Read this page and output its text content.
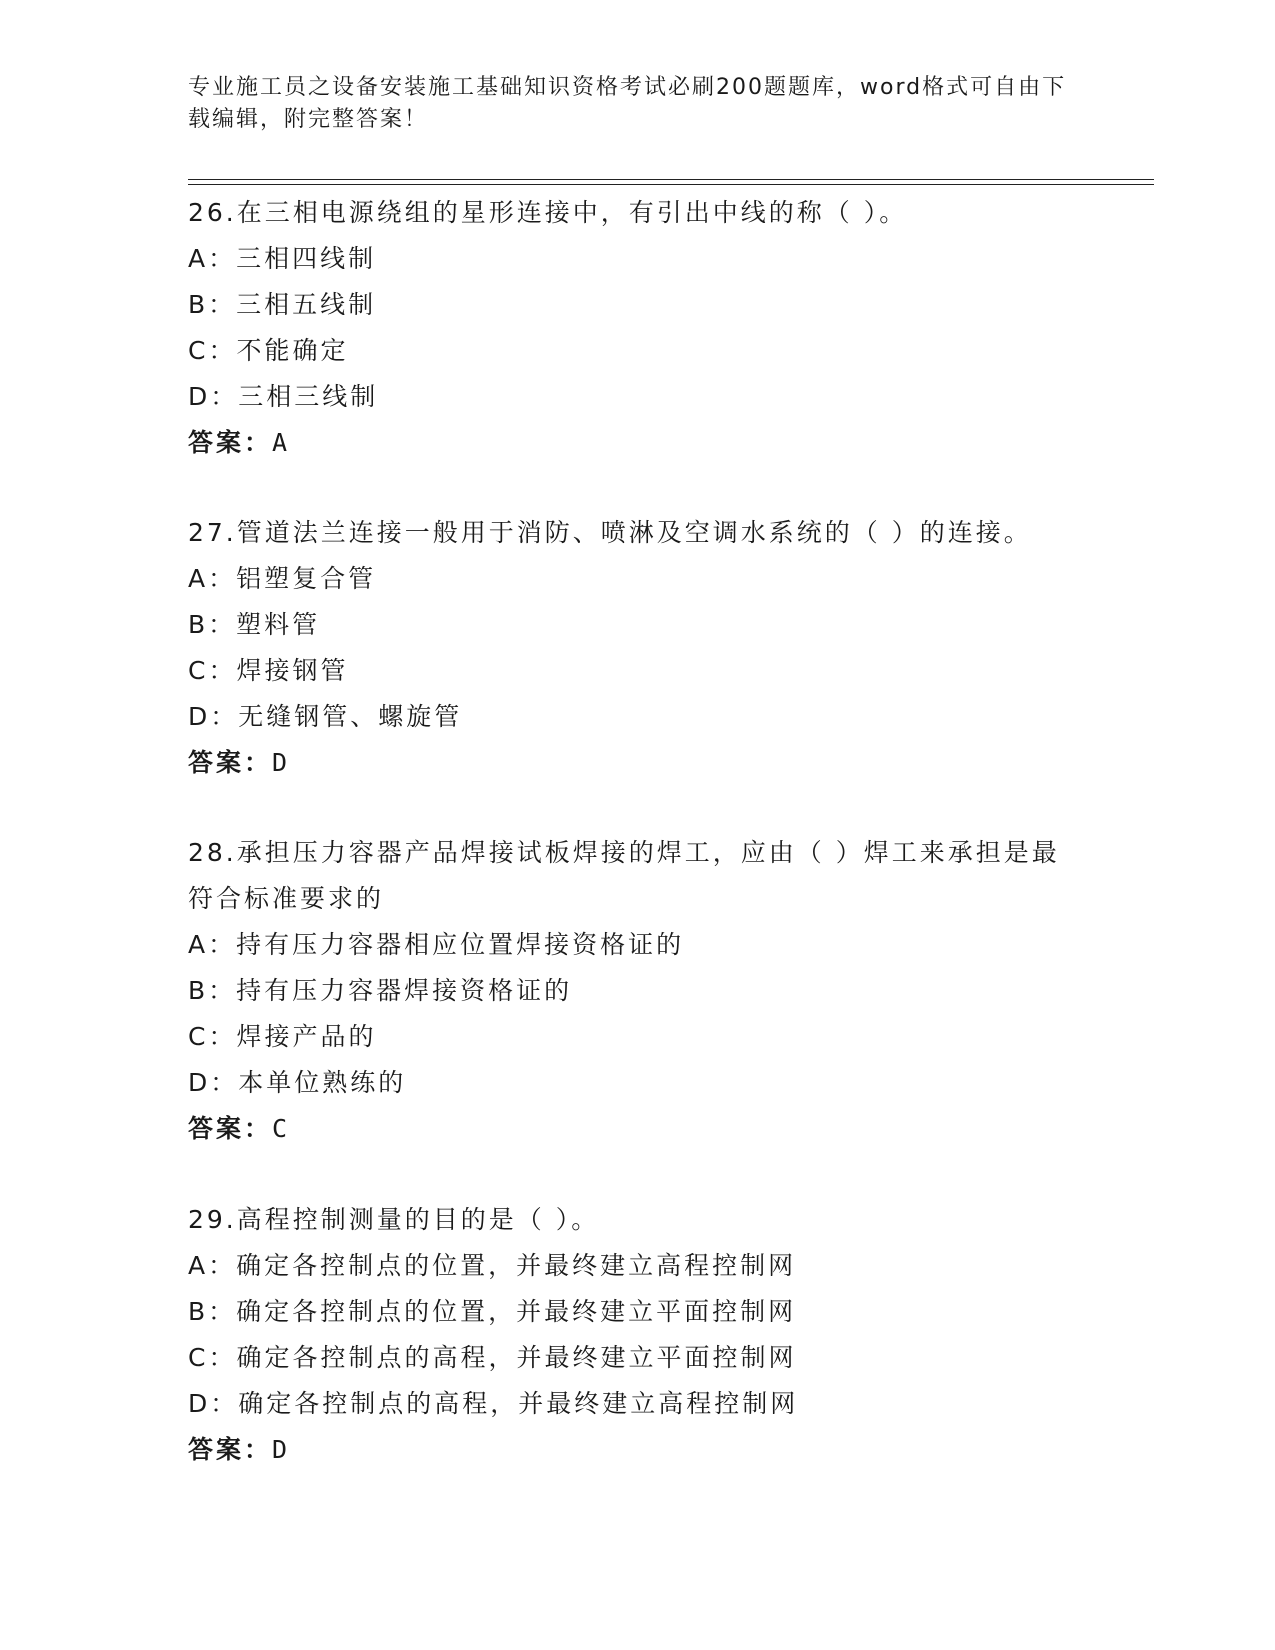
专业施工员之设备安装施工基础知识资格考试必刷200题题库，word格式可自由下载编辑，附完整答案！
26.在三相电源绕组的星形连接中，有引出中线的称（ ）。
A：三相四线制
B：三相五线制
C：不能确定
D：三相三线制
答案：A
27.管道法兰连接一般用于消防、喷淋及空调水系统的（ ）的连接。
A：铝塑复合管
B：塑料管
C：焊接钢管
D：无缝钢管、螺旋管
答案：D
28.承担压力容器产品焊接试板焊接的焊工，应由（ ）焊工来承担是最符合标准要求的
A：持有压力容器相应位置焊接资格证的
B：持有压力容器焊接资格证的
C：焊接产品的
D：本单位熟练的
答案：C
29.高程控制测量的目的是（ ）。
A：确定各控制点的位置，并最终建立高程控制网
B：确定各控制点的位置，并最终建立平面控制网
C：确定各控制点的高程，并最终建立平面控制网
D：确定各控制点的高程，并最终建立高程控制网
答案：D
